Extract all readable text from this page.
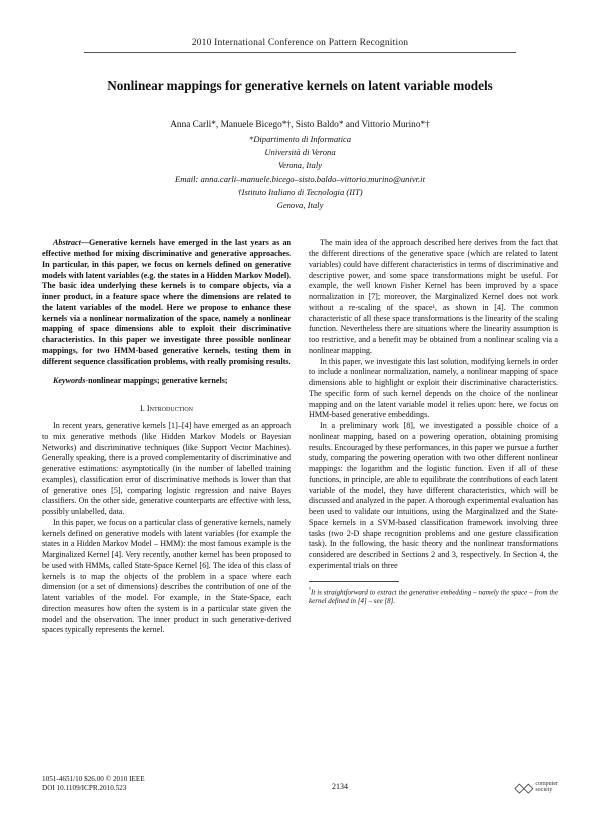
2010 International Conference on Pattern Recognition
Nonlinear mappings for generative kernels on latent variable models
Anna Carli*, Manuele Bicego*†, Sisto Baldo* and Vittorio Murino*†
*Dipartimento di Informatica
Università di Verona
Verona, Italy
Email: anna.carli–manuele.bicego–sisto.baldo–vittorio.murino@univr.it
†Istituto Italiano di Tecnologia (IIT)
Genova, Italy

Abstract—Generative kernels have emerged in the last years as an effective method for mixing discriminative and generative approaches. In particular, in this paper, we focus on kernels defined on generative models with latent variables (e.g. the states in a Hidden Markov Model). The basic idea underlying these kernels is to compare objects, via a inner product, in a feature space where the dimensions are related to the latent variables of the model. Here we propose to enhance these kernels via a nonlinear normalization of the space, namely a nonlinear mapping of space dimensions able to exploit their discriminative characteristics. In this paper we investigate three possible nonlinear mappings, for two HMM-based generative kernels, testing them in different sequence classification problems, with really promising results.

Keywords-nonlinear mappings; generative kernels;

I. Introduction

In recent years, generative kernels [1]–[4] have emerged as an approach to mix generative methods (like Hidden Markov Models or Bayesian Networks) and discriminative techniques (like Support Vector Machines). Generally speaking, there is a proved complementarity of discriminative and generative estimations: asymptotically (in the number of labelled training examples), classification error of discriminative methods is lower than that of generative ones [5], comparing logistic regression and naive Bayes classifiers. On the other side, generative counterparts are effective with less, possibly unlabelled, data.

In this paper, we focus on a particular class of generative kernels, namely kernels defined on generative models with latent variables (for example the states in a Hidden Markov Model – HMM): the most famous example is the Marginalized Kernel [4]. Very recently, another kernel has been proposed to be used with HMMs, called State-Space Kernel [6]. The idea of this class of kernels is to map the objects of the problem in a space where each dimension (or a set of dimensions) describes the contribution of one of the latent variables of the model. For example, in the State-Space, each direction measures how often the system is in a particular state given the model and the observation. The inner product in such generative-derived spaces typically represents the kernel.

The main idea of the approach described here derives from the fact that the different directions of the generative space (which are related to latent variables) could have different characteristics in terms of discriminative and descriptive power, and some space transformations might be useful. For example, the well known Fisher Kernel has been improved by a space normalization in [7]; moreover, the Marginalized Kernel does not work without a re-scaling of the space¹, as shown in [4]. The common characteristic of all these space transformations is the linearity of the scaling function. Nevertheless there are situations where the linearity assumption is too restrictive, and a benefit may be obtained from a nonlinear scaling via a nonlinear mapping.

In this paper, we investigate this last solution, modifying kernels in order to include a nonlinear normalization, namely, a nonlinear mapping of space dimensions able to highlight or exploit their discriminative characteristics. The specific form of such kernel depends on the choice of the nonlinear mapping and on the latent variable model it relies upon: here, we focus on HMM-based generative embeddings.

In a preliminary work [8], we investigated a possible choice of a nonlinear mapping, based on a powering operation, obtaining promising results. Encouraged by these performances, in this paper we pursue a further study, comparing the powering operation with two other different nonlinear mappings: the logarithm and the logistic function. Even if all of these functions, in principle, are able to equilibrate the contributions of each latent variable of the model, they have different characteristics, which will be discussed and analyzed in the paper. A thorough experimental evaluation has been used to validate our intuitions, using the Marginalized and the State-Space kernels in a SVM-based classification framework involving three tasks (two 2-D shape recognition problems and one gesture classification task). In the following, the basic theory and the nonlinear transformations considered are described in Sections 2 and 3, respectively. In Section 4, the experimental trials on three

¹It is straightforward to extract the generative embedding – namely the space – from the kernel defined in [4] – see [8].

1051-4651/10 $26.00 © 2010 IEEE
DOI 10.1109/ICPR.2010.523	2134	◇◇ computer
society
